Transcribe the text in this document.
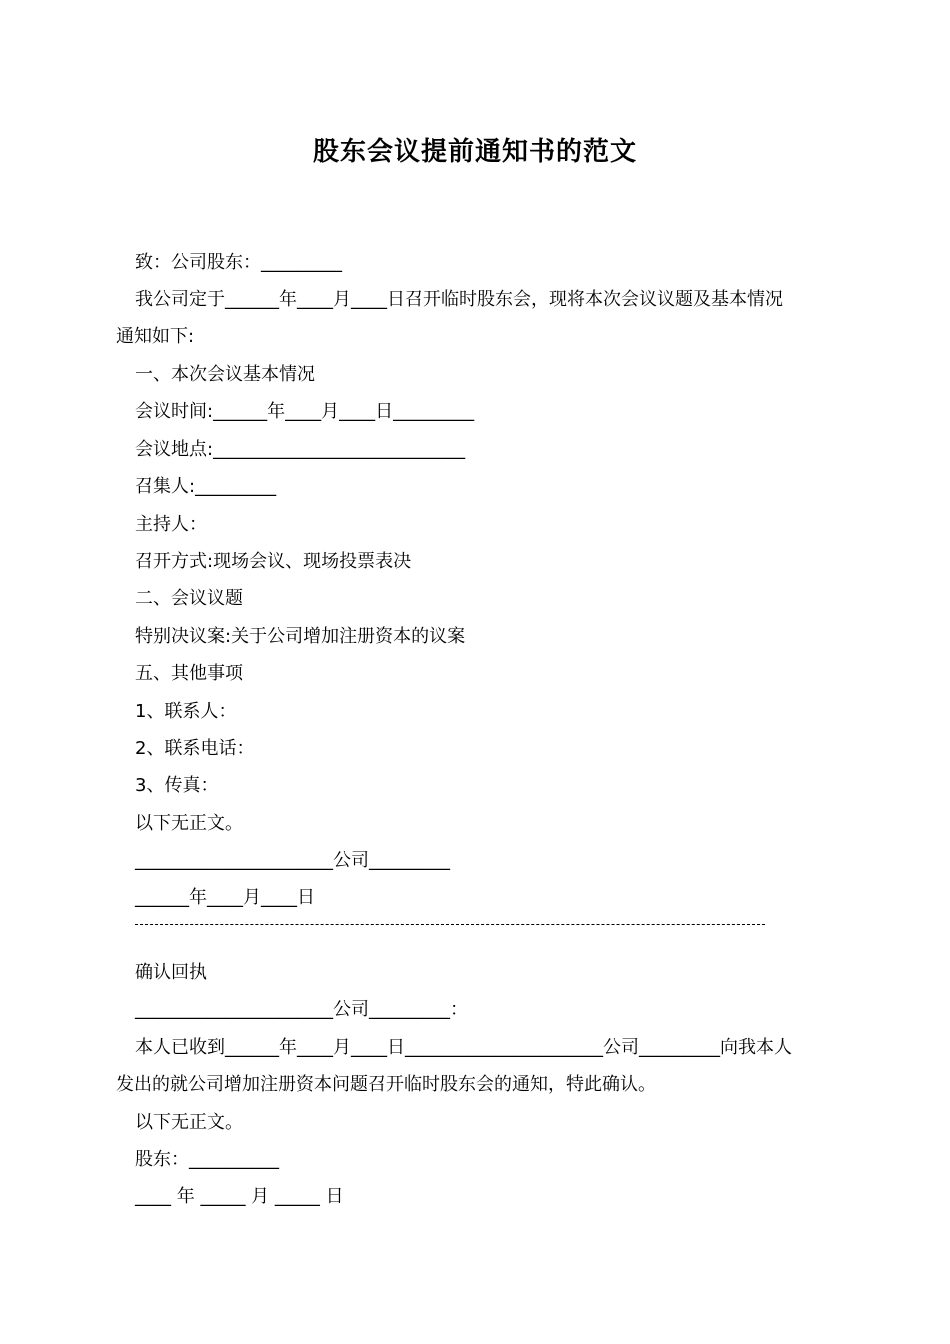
股东会议提前通知书的范文

致：公司股东：_________

我公司定于______年____月____日召开临时股东会，现将本次会议议题及基本情况

通知如下:

一、本次会议基本情况

会议时间:______年____月____日_________

会议地点:____________________________

召集人:_________

主持人：

召开方式:现场会议、现场投票表决

二、会议议题

特别决议案:关于公司增加注册资本的议案

五、其他事项

1、联系人：

2、联系电话：

3、传真：

以下无正文。

______________________公司_________

______年____月____日

确认回执

______________________公司_________：

本人已收到______年____月____日______________________公司_________向我本人

发出的就公司增加注册资本问题召开临时股东会的通知，特此确认。

以下无正文。

股东：__________

____ 年 _____ 月 _____ 日
